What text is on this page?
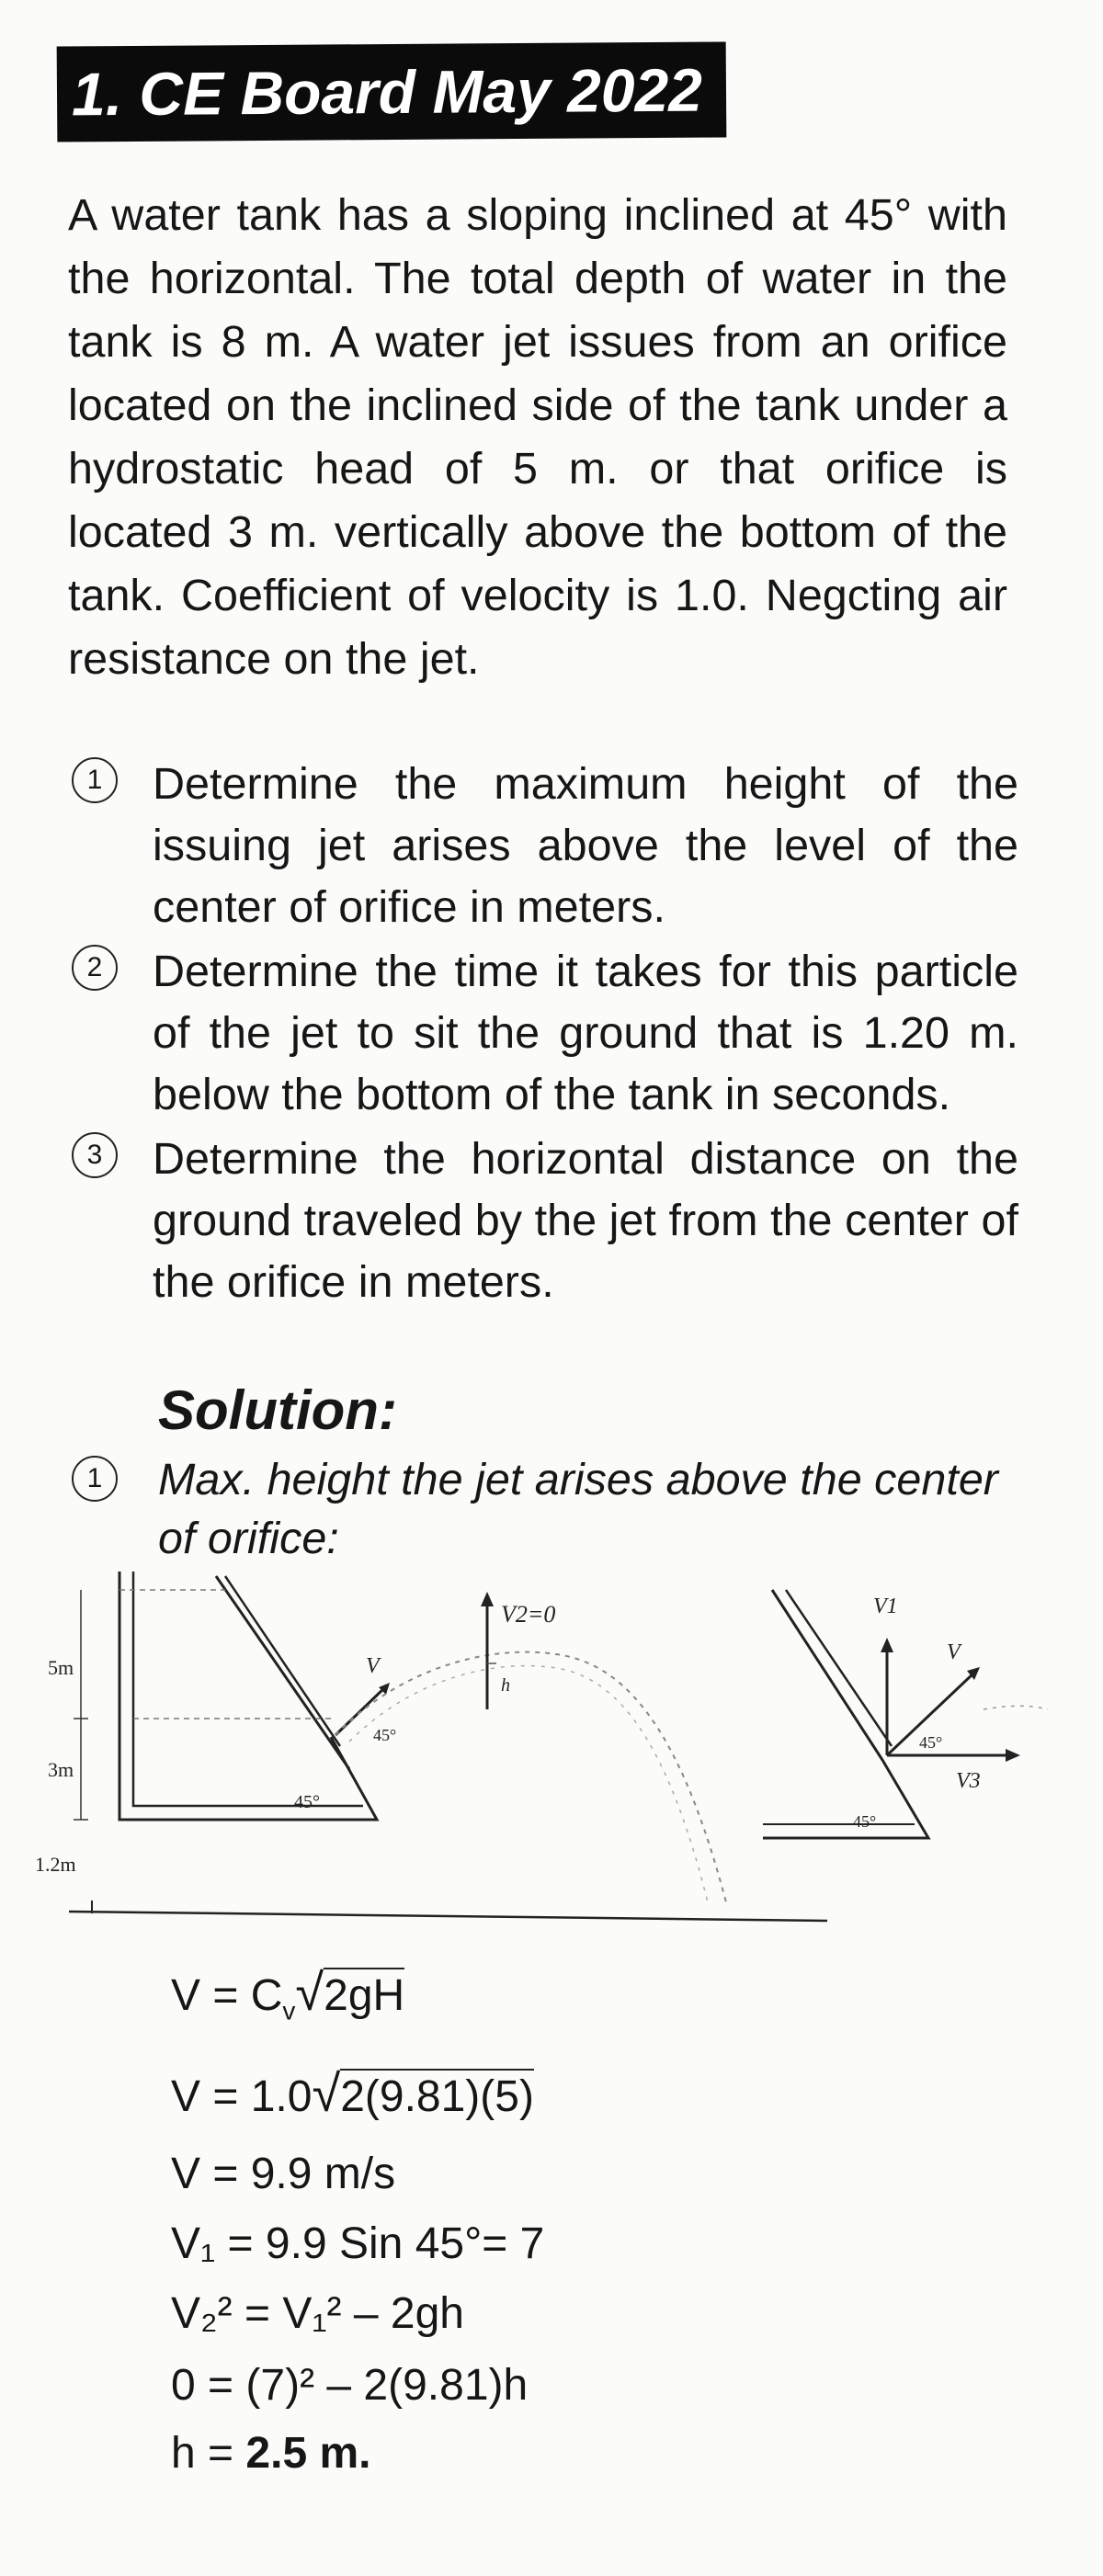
1. CE Board May 2022
A water tank has a sloping inclined at 45° with the horizontal. The total depth of water in the tank is 8 m. A water jet issues from an orifice located on the inclined side of the tank under a hydrostatic head of 5 m. or that orifice is located 3 m. vertically above the bottom of the tank. Coefficient of velocity is 1.0. Negcting air resistance on the jet.
1	Determine the maximum height of the issuing jet arises above the level of the center of orifice in meters.
2	Determine the time it takes for this particle of the jet to sit the ground that is 1.20 m. below the bottom of the tank in seconds.
3	Determine the horizontal distance on the ground traveled by the jet from the center of the orifice in meters.
Solution:
1	Max. height the jet arises above the center of orifice:
5m
3m
1.2m
45°
V
45°
V2=0
h
45°
V1
V
V3
45°
$V = C_v√2gH$
V = 1.0√2(9.81)(5)
V = 9.9 m/s
V₁ = 9.9 Sin 45°= 7
V₂² = V₁² – 2gh
0 = (7)² – 2(9.81)h
h = 2.5 m.
